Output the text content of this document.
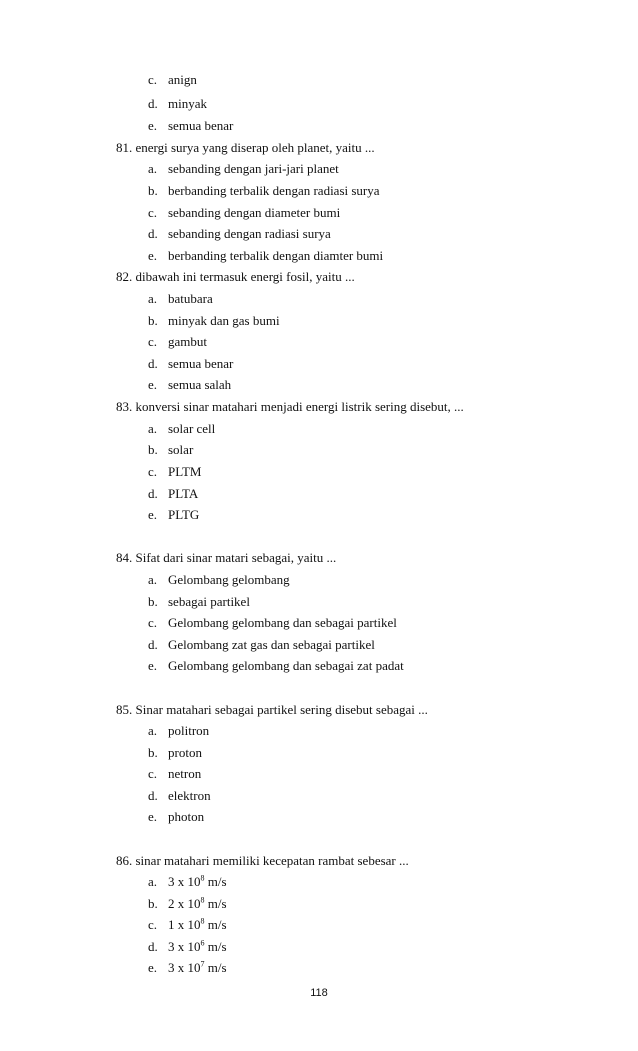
c. anign
d. minyak
e. semua benar
81. energi surya yang diserap oleh planet, yaitu ...
a. sebanding dengan jari-jari planet
b. berbanding terbalik dengan radiasi surya
c. sebanding dengan diameter bumi
d. sebanding dengan radiasi surya
e. berbanding terbalik dengan diamter bumi
82. dibawah ini termasuk energi fosil, yaitu ...
a. batubara
b. minyak dan gas bumi
c. gambut
d. semua benar
e. semua salah
83. konversi sinar matahari menjadi energi listrik sering disebut, ...
a. solar cell
b. solar
c. PLTM
d. PLTA
e. PLTG
84. Sifat dari sinar matari sebagai, yaitu ...
a. Gelombang gelombang
b. sebagai partikel
c. Gelombang gelombang dan sebagai partikel
d. Gelombang zat gas dan sebagai partikel
e. Gelombang gelombang dan sebagai zat padat
85. Sinar matahari sebagai partikel sering disebut sebagai ...
a. politron
b. proton
c. netron
d. elektron
e. photon
86. sinar matahari memiliki kecepatan rambat sebesar ...
a. 3 x $10^8$ m/s
b. 2 x $10^8$ m/s
c. 1 x $10^8$ m/s
d. 3 x $10^6$ m/s
e. 3 x $10^7$ m/s
118
